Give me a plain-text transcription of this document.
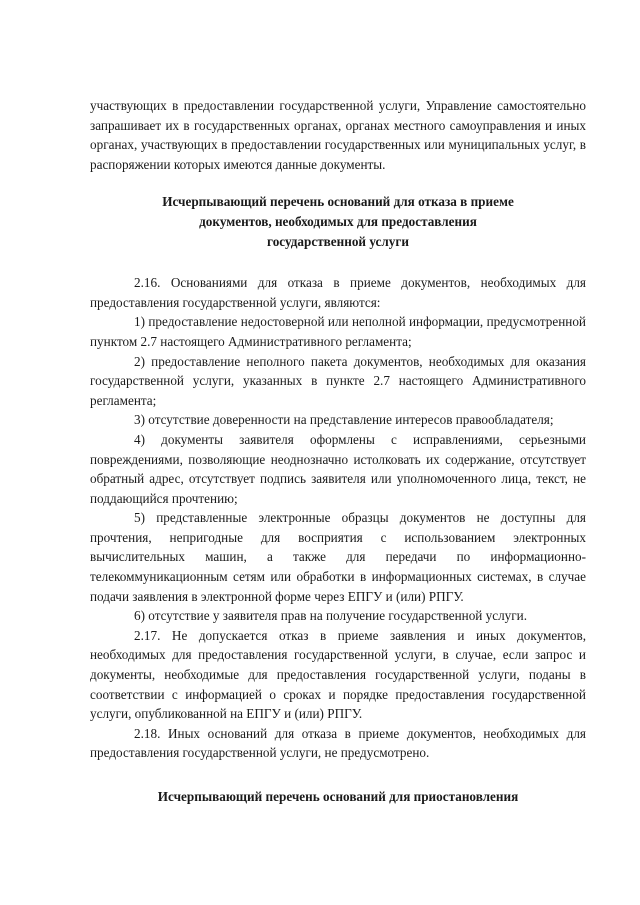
участвующих в предоставлении государственной услуги, Управление самостоятельно запрашивает их в государственных органах, органах местного самоуправления и иных органах, участвующих в предоставлении государственных или муниципальных услуг, в распоряжении которых имеются данные документы.

Исчерпывающий перечень оснований для отказа в приеме
документов, необходимых для предоставления
государственной услуги

2.16. Основаниями для отказа в приеме документов, необходимых для предоставления государственной услуги, являются:

1) предоставление недостоверной или неполной информации, предусмотренной пунктом 2.7 настоящего Административного регламента;

2) предоставление неполного пакета документов, необходимых для оказания государственной услуги, указанных в пункте 2.7 настоящего Административного регламента;

3) отсутствие доверенности на представление интересов правообладателя;

4) документы заявителя оформлены с исправлениями, серьезными повреждениями, позволяющие неоднозначно истолковать их содержание, отсутствует обратный адрес, отсутствует подпись заявителя или уполномоченного лица, текст, не поддающийся прочтению;

5) представленные электронные образцы документов не доступны для прочтения, непригодные для восприятия с использованием электронных вычислительных машин, а также для передачи по информационно-телекоммуникационным сетям или обработки в информационных системах, в случае подачи заявления в электронной форме через ЕПГУ и (или) РПГУ.

6) отсутствие у заявителя прав на получение государственной услуги.

2.17. Не допускается отказ в приеме заявления и иных документов, необходимых для предоставления государственной услуги, в случае, если запрос и документы, необходимые для предоставления государственной услуги, поданы в соответствии с информацией о сроках и порядке предоставления государственной услуги, опубликованной на ЕПГУ и (или) РПГУ.

2.18. Иных оснований для отказа в приеме документов, необходимых для предоставления государственной услуги, не предусмотрено.

Исчерпывающий перечень оснований для приостановления
